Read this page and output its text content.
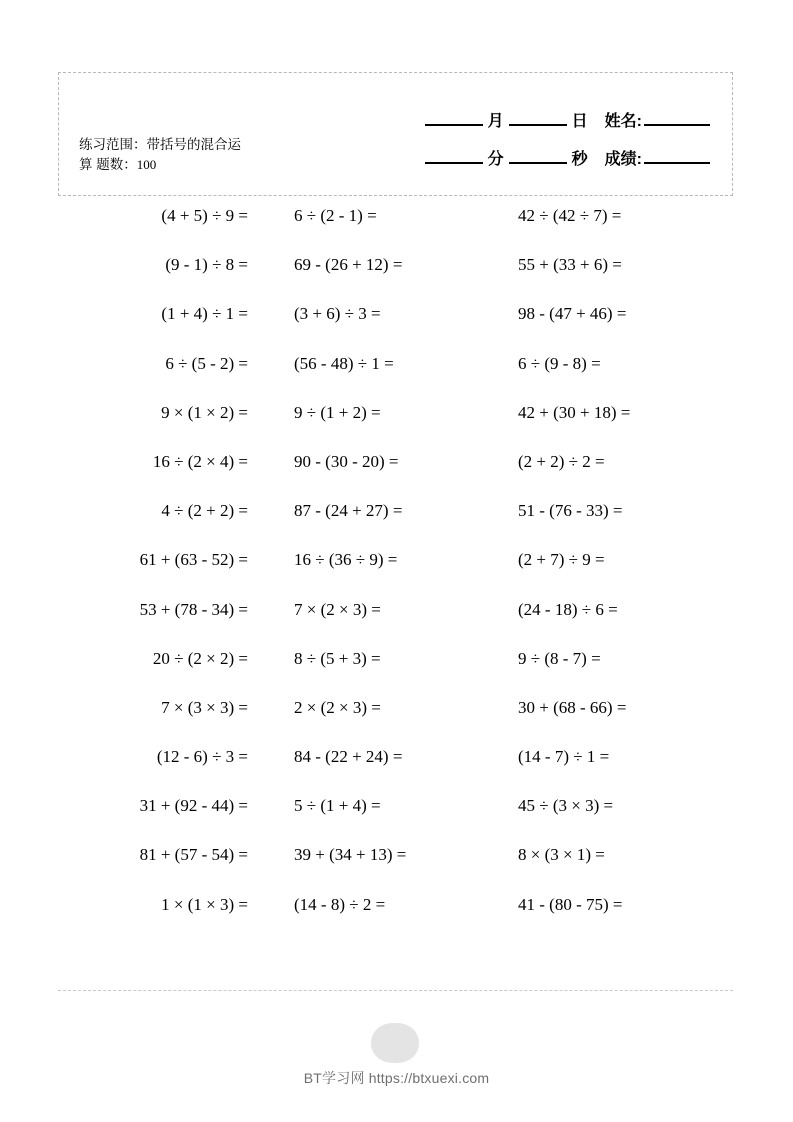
练习范围：带括号的混合运
算 题数：100
月	日	姓名:
分	秒	成绩:
(4 + 5) ÷ 9 =	6 ÷ (2 - 1) =	42 ÷ (42 ÷ 7) =
(9 - 1) ÷ 8 =	69 - (26 + 12) =	55 + (33 + 6) =
(1 + 4) ÷ 1 =	(3 + 6) ÷ 3 =	98 - (47 + 46) =
6 ÷ (5 - 2) =	(56 - 48) ÷ 1 =	6 ÷ (9 - 8) =
9 × (1 × 2) =	9 ÷ (1 + 2) =	42 + (30 + 18) =
16 ÷ (2 × 4) =	90 - (30 - 20) =	(2 + 2) ÷ 2 =
4 ÷ (2 + 2) =	87 - (24 + 27) =	51 - (76 - 33) =
61 + (63 - 52) =	16 ÷ (36 ÷ 9) =	(2 + 7) ÷ 9 =
53 + (78 - 34) =	7 × (2 × 3) =	(24 - 18) ÷ 6 =
20 ÷ (2 × 2) =	8 ÷ (5 + 3) =	9 ÷ (8 - 7) =
7 × (3 × 3) =	2 × (2 × 3) =	30 + (68 - 66) =
(12 - 6) ÷ 3 =	84 - (22 + 24) =	(14 - 7) ÷ 1 =
31 + (92 - 44) =	5 ÷ (1 + 4) =	45 ÷ (3 × 3) =
81 + (57 - 54) =	39 + (34 + 13) =	8 × (3 × 1) =
1 × (1 × 3) =	(14 - 8) ÷ 2 =	41 - (80 - 75) =
BT学习网 https://btxuexi.com
